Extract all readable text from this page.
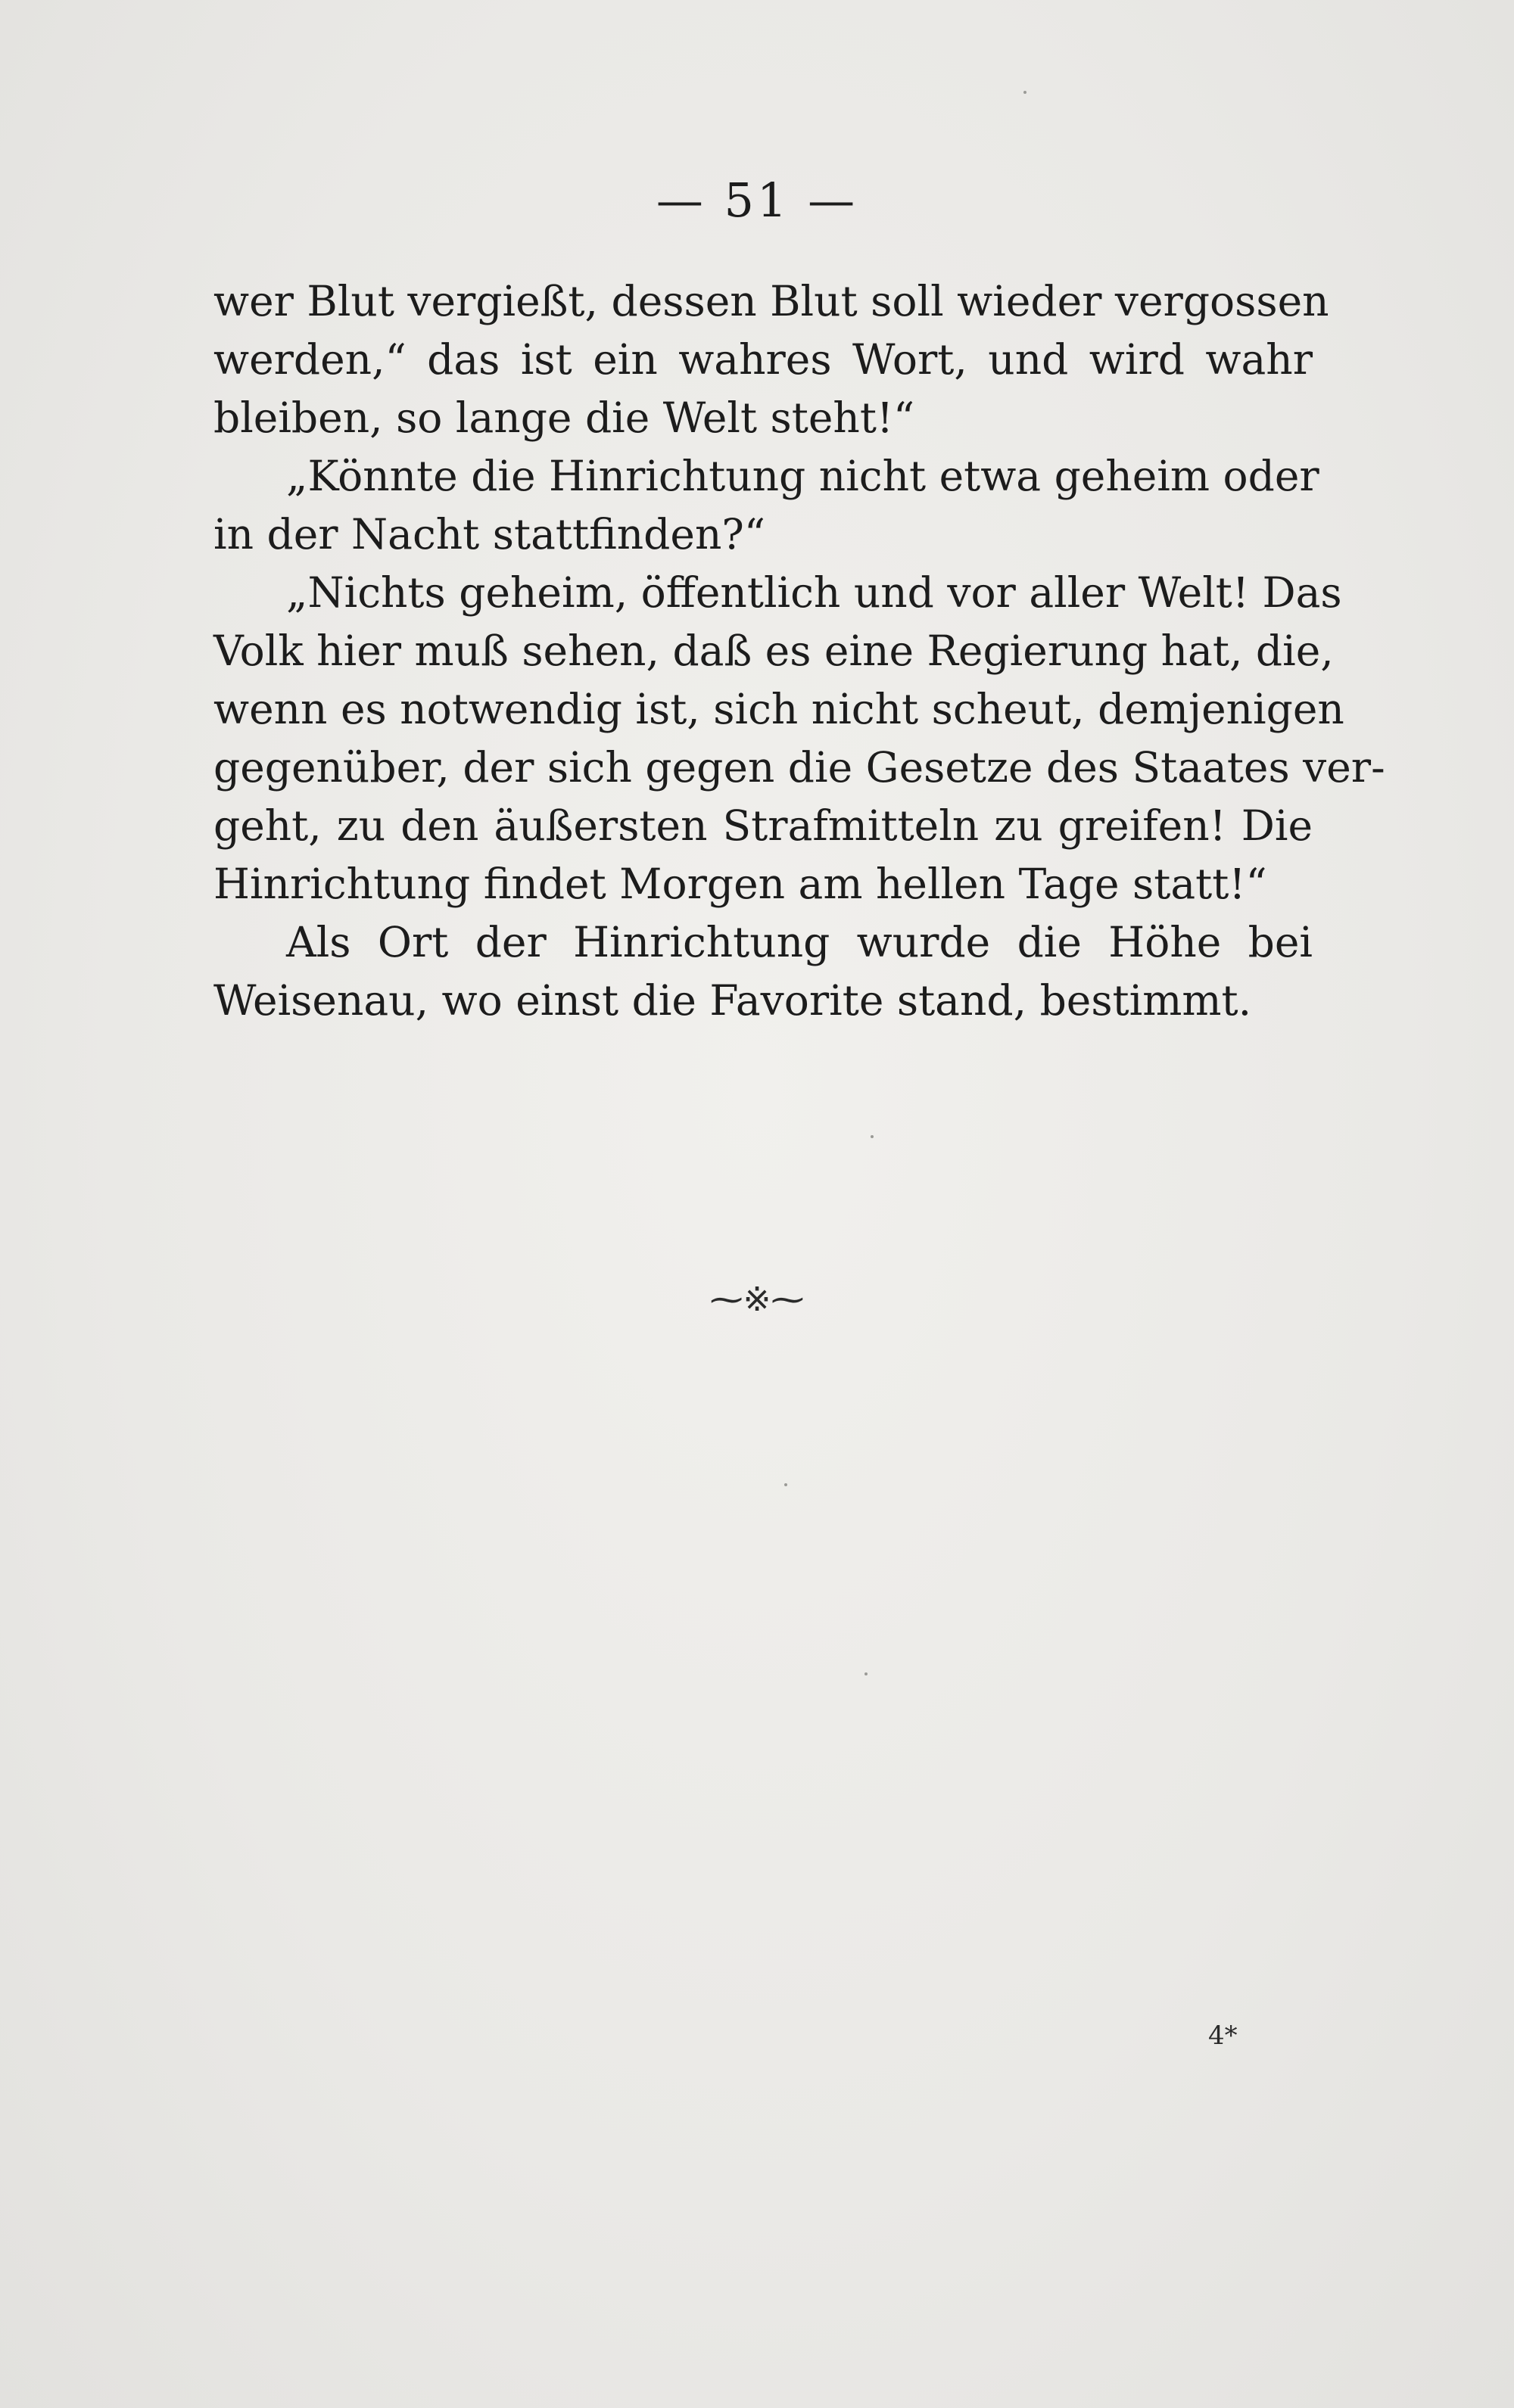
— 51 —
wer Blut vergießt, dessen Blut soll wieder vergossen
werden,“ das ist ein wahres Wort, und wird wahr
bleiben, so lange die Welt steht!“
„Könnte die Hinrichtung nicht etwa geheim oder
in der Nacht stattfinden?“
„Nichts geheim, öffentlich und vor aller Welt! Das
Volk hier muß sehen, daß es eine Regierung hat, die,
wenn es notwendig ist, sich nicht scheut, demjenigen
gegenüber, der sich gegen die Gesetze des Staates ver-
geht, zu den äußersten Strafmitteln zu greifen! Die
Hinrichtung findet Morgen am hellen Tage statt!“
Als Ort der Hinrichtung wurde die Höhe bei
Weisenau, wo einst die Favorite stand, bestimmt.
⁓※⁓
4*
